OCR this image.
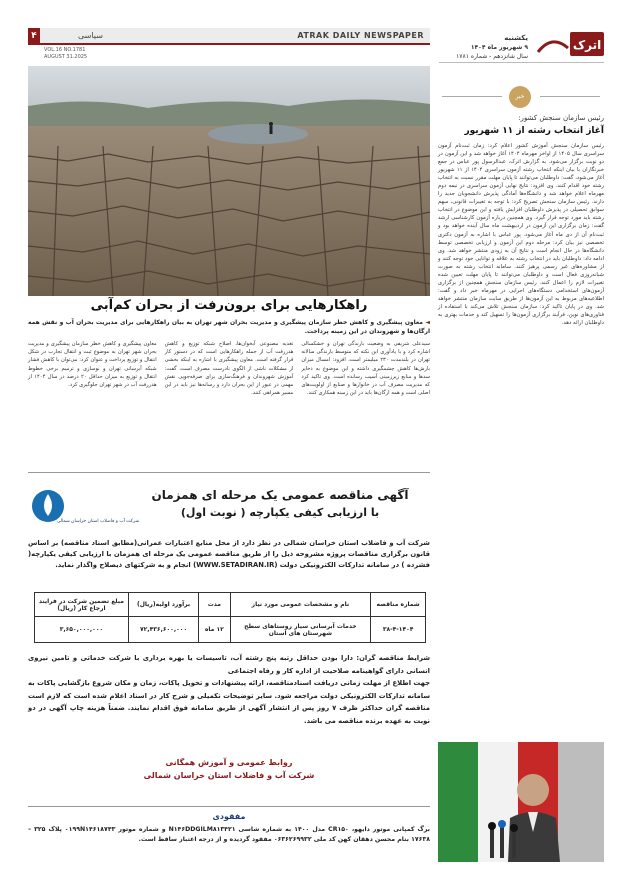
۴	سیاسی	ATRAK DAILY NEWSPAPER
VOL.16 NO.1781
AUGUST 31.2025
یکشنبه
۹ شهریور ماه ۱۴۰۴
سال شانزدهم - شماره ۱۷۸۱
اترک
راهکارهایی برای برون‌رفت از بحران کم‌آبی
◄ معاون پیشگیری و کاهش خطر سازمان پیشگیری و مدیریت بحران شهر تهران به بیان راهکارهایی برای مدیریت بحران آب و نقش همه ارگان‌ها و شهروندان در این زمینه پرداخت.
سیدعلی شریفی به وضعیت بارندگی تهران و خشکسالی اشاره کرد و با یادآوری این نکته که متوسط بارندگی سالانه تهران در بلندمدت ۲۳۰ میلیمتر است، افزود: امسال میزان بارش‌ها کاهش چشمگیری داشته و این موضوع به ذخایر سدها و منابع زیرزمینی آسیب رسانده است. وی تاکید کرد که مدیریت مصرف آب در خانوارها و صنایع از اولویت‌های اصلی است و همه ارگان‌ها باید در این زمینه همکاری کنند.
تغذیه مصنوعی آبخوان‌ها، اصلاح شبکه توزیع و کاهش هدررفت آب از جمله راهکارهایی است که در دستور کار قرار گرفته است. معاون پیشگیری با اشاره به اینکه بخشی از مشکلات ناشی از الگوی نادرست مصرف است، گفت: آموزش شهروندان و فرهنگ‌سازی برای صرفه‌جویی نقش مهمی در عبور از این بحران دارد و رسانه‌ها نیز باید در این مسیر همراهی کنند.
معاون پیشگیری و کاهش خطر سازمان پیشگیری و مدیریت بحران شهر تهران به موضوع ثبت و انتقال تجارب در شکل انتقال و توزیع پرداخت و عنوان کرد: می‌توان با کاهش فشار شبکه آبرسانی تهران و نوسازی و ترمیم برخی خطوط انتقال و توزیع به میزان حداقل ۲۰ درصد در سال ۱۴۰۴ از هدررفت آب در شهر تهران جلوگیری کرد.
شرکت آب و فاضلاب استان خراسان شمالی
آگهی مناقصه عمومی یک مرحله ای همزمان
با ارزیابی کیفی یکپارچه ( نوبت اول)
شرکت آب و فاضلاب استان خراسان شمالی در نظر دارد از محل منابع اعتبارات عمرانی(مطابق اسناد مناقصه) بر اساس قانون برگزاری مناقصات پروژه مشروحه ذیل را از طریق مناقصه عمومی یک مرحله ای همزمان با ارزیابی کیفی یکپارچه( فشرده ) در سامانه تدارکات الکترونیکی دولت (WWW.SETADIRAN.IR) انجام و به شرکتهای ذیصلاح واگذار نماید.
شماره مناقصه	نام و مشخصات عمومی مورد نیاز	مدت	برآورد اولیه(ریال)	مبلغ تضمین شرکت در فرایند ارجاع کار (ریال)
۳۸-۴-۱۴۰۴	خدمات آبرسانی سیار روستاهای سطح شهرستان های استان	۱۲ ماه	۷۲,۴۳۶,۶۰۰,۰۰۰	۳,۶۵۰,۰۰۰,۰۰۰

شرایط مناقصه گران: دارا بودن حداقل رتبه پنج رشته آب، تاسیسات یا بهره برداری با شرکت خدماتی و تامین نیروی انسانی دارای گواهینامه صلاحیت از اداره کار و رفاه اجتماعی

جهت اطلاع از مهلت زمانی دریافت اسنادمناقصه، ارائه پیشنهادات و تحویل پاکات، زمان و مکان شروع بازگشایی پاکات به سامانه تدارکات الکترونیکی دولت مراجعه شود. سایر توضیحات تکمیلی و شرح کار در اسناد اعلام شده است که لازم است مناقصه گران حداکثر ظرف ۷ روز پس از انتشار آگهی از طریق سامانه فوق اقدام نمایند. ضمناً هزینه چاپ آگهی در دو نوبت به عهده برنده مناقصه می باشد.

روابط عمومی و آموزش همگانی
شرکت آب و فاضلاب استان خراسان شمالی
مفقودی
برگ کمپانی موتور دایهو، CR۱۵۰ مدل ۱۴۰۰ به شماره شاسی N۱۴۶DDGILM۸۱۳۴۲۱ و شماره موتور ۰۱۹۹N۱۴۶۱۸۷۴۳ پلاک ۳۲۵ – ۱۷۶۳۸ بنام محسن دهقان کهن کد ملی ۰۶۳۶۲۶۹۹۳۲ مفقود گردیده و از درجه اعتبار ساقط است.
خبر
رئیس سازمان سنجش کشور:
آغاز انتخاب رشته از ۱۱ شهریور
رئیس سازمان سنجش آموزش کشور اعلام کرد: زمان ثبت‌نام آزمون سراسری سال ۱۴۰۵ از اواخر مهرماه ۱۴۰۴ آغاز خواهد شد و این آزمون در دو نوبت برگزار می‌شود. به گزارش اترک، عبدالرسول پور عباس در جمع خبرنگاران با بیان اینکه انتخاب رشته آزمون سراسری ۱۴۰۴ از ۱۱ شهریور آغاز می‌شود، گفت: داوطلبان می‌توانند تا پایان مهلت مقرر نسبت به انتخاب رشته خود اقدام کنند. وی افزود: نتایج نهایی آزمون سراسری در نیمه دوم مهرماه اعلام خواهد شد و دانشگاه‌ها آمادگی پذیرش دانشجویان جدید را دارند. رئیس سازمان سنجش تصریح کرد: با توجه به تغییرات قانونی، سهم سوابق تحصیلی در پذیرش داوطلبان افزایش یافته و این موضوع در انتخاب رشته باید مورد توجه قرار گیرد. وی همچنین درباره آزمون کارشناسی ارشد گفت: زمان برگزاری این آزمون در اردیبهشت ماه سال آینده خواهد بود و ثبت‌نام آن از دی ماه آغاز می‌شود. پور عباس با اشاره به آزمون دکتری تخصصی نیز بیان کرد: مرحله دوم این آزمون و ارزیابی تخصصی توسط دانشگاه‌ها در حال انجام است و نتایج آن به زودی منتشر خواهد شد. وی ادامه داد: داوطلبان باید در انتخاب رشته به علاقه و توانایی خود توجه کنند و از مشاوره‌های غیر رسمی پرهیز کنند. سامانه انتخاب رشته به صورت شبانه‌روزی فعال است و داوطلبان می‌توانند تا پایان مهلت تعیین شده تغییرات لازم را اعمال کنند. رئیس سازمان سنجش همچنین از برگزاری آزمون‌های استخدامی دستگاه‌های اجرایی در مهرماه خبر داد و گفت: اطلاعیه‌های مربوط به این آزمون‌ها از طریق سایت سازمان منتشر خواهد شد. وی در پایان تاکید کرد: سازمان سنجش تلاش می‌کند با استفاده از فناوری‌های نوین، فرآیند برگزاری آزمون‌ها را تسهیل کند و خدمات بهتری به داوطلبان ارائه دهد.
